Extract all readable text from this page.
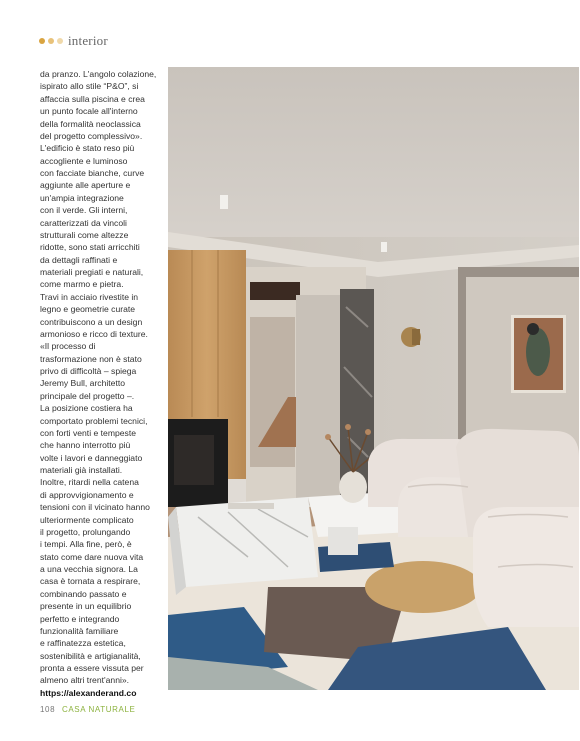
interior
da pranzo. L'angolo colazione,
ispirato allo stile “P&O”, si
affaccia sulla piscina e crea
un punto focale all'interno
della formalità neoclassica
del progetto complessivo».
L'edificio è stato reso più
accogliente e luminoso
con facciate bianche, curve
aggiunte alle aperture e
un'ampia integrazione
con il verde. Gli interni,
caratterizzati da vincoli
strutturali come altezze
ridotte, sono stati arricchiti
da dettagli raffinati e
materiali pregiati e naturali,
come marmo e pietra.
Travi in acciaio rivestite in
legno e geometrie curate
contribuiscono a un design
armonioso e ricco di texture.
«Il processo di
trasformazione non è stato
privo di difficoltà – spiega
Jeremy Bull, architetto
principale del progetto –.
La posizione costiera ha
comportato problemi tecnici,
con forti venti e tempeste
che hanno interrotto più
volte i lavori e danneggiato
materiali già installati.
Inoltre, ritardi nella catena
di approvvigionamento e
tensioni con il vicinato hanno
ulteriormente complicato
il progetto, prolungando
i tempi. Alla fine, però, è
stato come dare nuova vita
a una vecchia signora. La
casa è tornata a respirare,
combinando passato e
presente in un equilibrio
perfetto e integrando
funzionalità familiare
e raffinatezza estetica,
sostenibilità e artigianalità,
pronta a essere vissuta per
almeno altri trent'anni».
https://alexanderand.co
108 CASA NATURALE
